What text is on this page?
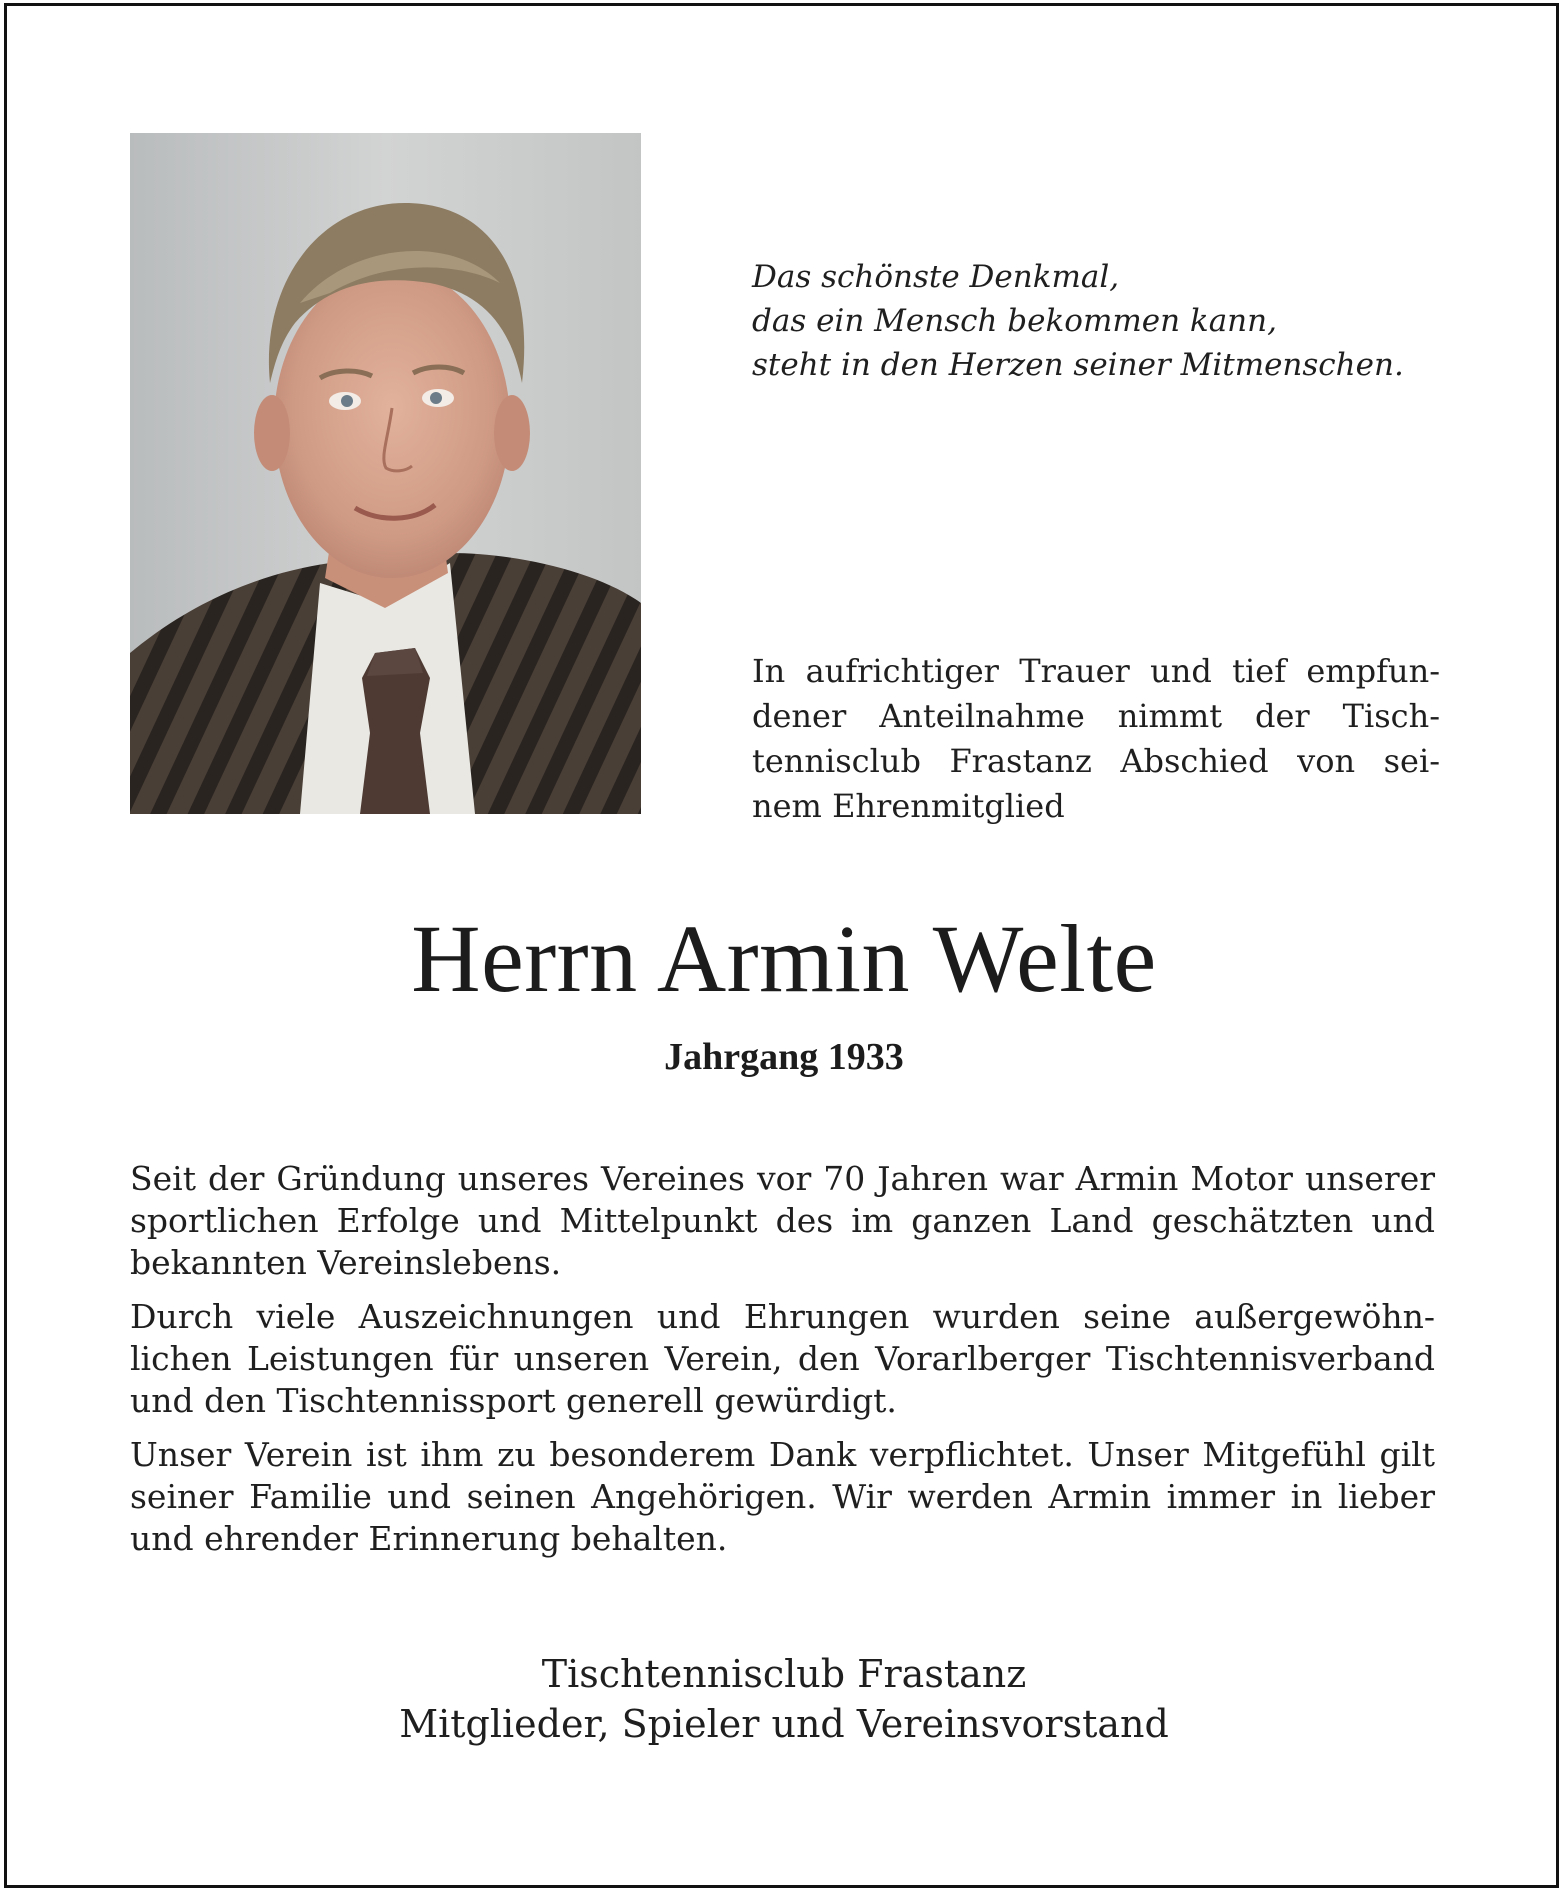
Das schönste Denkmal,
das ein Mensch bekommen kann,
steht in den Herzen seiner Mitmenschen.
In aufrichtiger Trauer und tief empfun-
dener Anteilnahme nimmt der Tisch-
tennisclub Frastanz Abschied von sei-
nem Ehrenmitglied
Herrn Armin Welte
Jahrgang 1933
Seit der Gründung unseres Vereines vor 70 Jahren war Armin Motor unserer
sportlichen Erfolge und Mittelpunkt des im ganzen Land geschätzten und
bekannten Vereinslebens.
Durch viele Auszeichnungen und Ehrungen wurden seine außergewöhn-
lichen Leistungen für unseren Verein, den Vorarlberger Tischtennisverband
und den Tischtennissport generell gewürdigt.
Unser Verein ist ihm zu besonderem Dank verpflichtet. Unser Mitgefühl gilt
seiner Familie und seinen Angehörigen. Wir werden Armin immer in lieber
und ehrender Erinnerung behalten.
Tischtennisclub Frastanz
Mitglieder, Spieler und Vereinsvorstand
